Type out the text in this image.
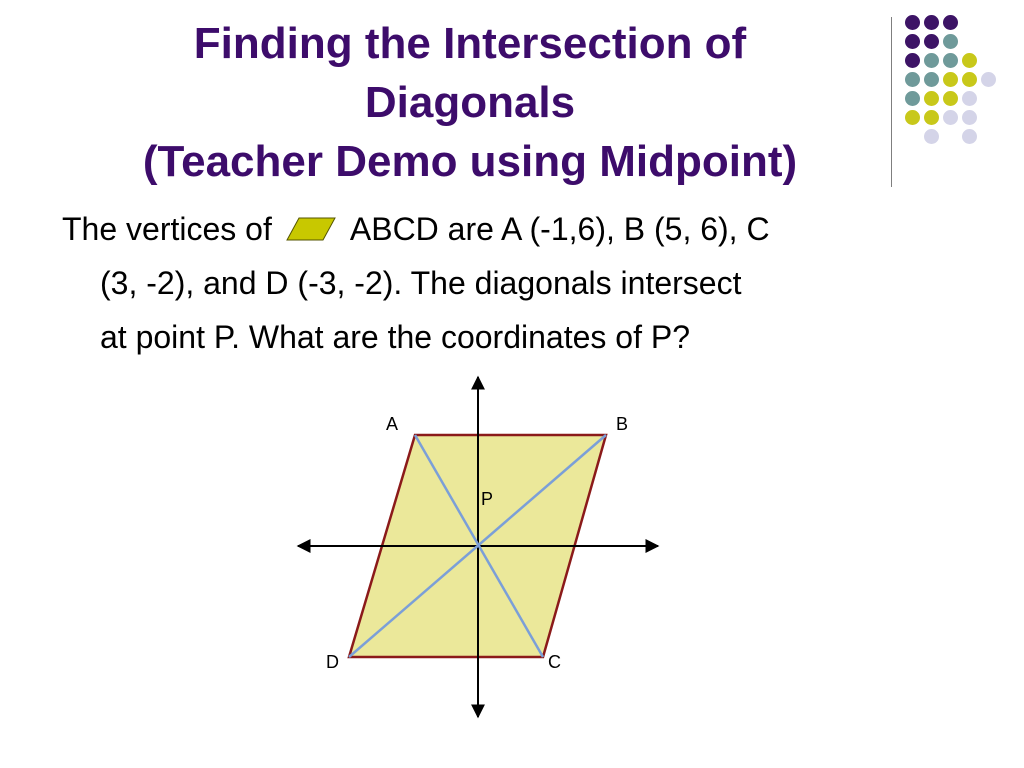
Finding the Intersection of
Diagonals
(Teacher Demo using Midpoint)
The vertices of ABCD are A (-1,6), B (5, 6), C
(3, -2), and D (-3, -2). The diagonals intersect
at point P. What are the coordinates of P?
A	B
C
D
P
